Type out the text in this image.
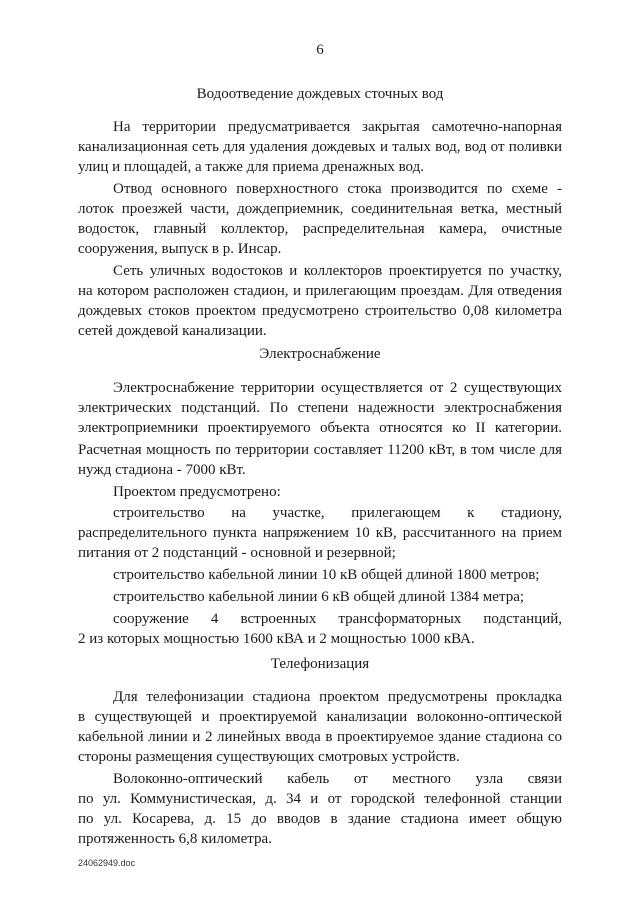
6
Водоотведение дождевых сточных вод
На территории предусматривается закрытая самотечно-напорная
канализационная сеть для удаления дождевых и талых вод, вод от поливки
улиц и площадей, а также для приема дренажных вод.
Отвод основного поверхностного стока производится по схеме -
лоток проезжей части, дождеприемник, соединительная ветка, местный
водосток, главный коллектор, распределительная камера, очистные
сооружения, выпуск в р. Инсар.
Сеть уличных водостоков и коллекторов проектируется по участку,
на котором расположен стадион, и прилегающим проездам. Для отведения
дождевых стоков проектом предусмотрено строительство 0,08 километра
сетей дождевой канализации.
Электроснабжение
Электроснабжение территории осуществляется от 2 существующих
электрических подстанций. По степени надежности электроснабжения
электроприемники проектируемого объекта относятся ко II категории.
Расчетная мощность по территории составляет 11200 кВт, в том числе для
нужд стадиона - 7000 кВт.
Проектом предусмотрено:
строительство на участке, прилегающем к стадиону,
распределительного пункта напряжением 10 кВ, рассчитанного на прием
питания от 2 подстанций - основной и резервной;
строительство кабельной линии 10 кВ общей длиной 1800 метров;
строительство кабельной линии 6 кВ общей длиной 1384 метра;
сооружение 4 встроенных трансформаторных подстанций,
2 из которых мощностью 1600 кВА и 2 мощностью 1000 кВА.
Телефонизация
Для телефонизации стадиона проектом предусмотрены прокладка
в существующей и проектируемой канализации волоконно-оптической
кабельной линии и 2 линейных ввода в проектируемое здание стадиона со
стороны размещения существующих смотровых устройств.
Волоконно-оптический кабель от местного узла связи
по ул. Коммунистическая, д. 34 и от городской телефонной станции
по ул. Косарева, д. 15 до вводов в здание стадиона имеет общую
протяженность 6,8 километра.
24062949.doc
